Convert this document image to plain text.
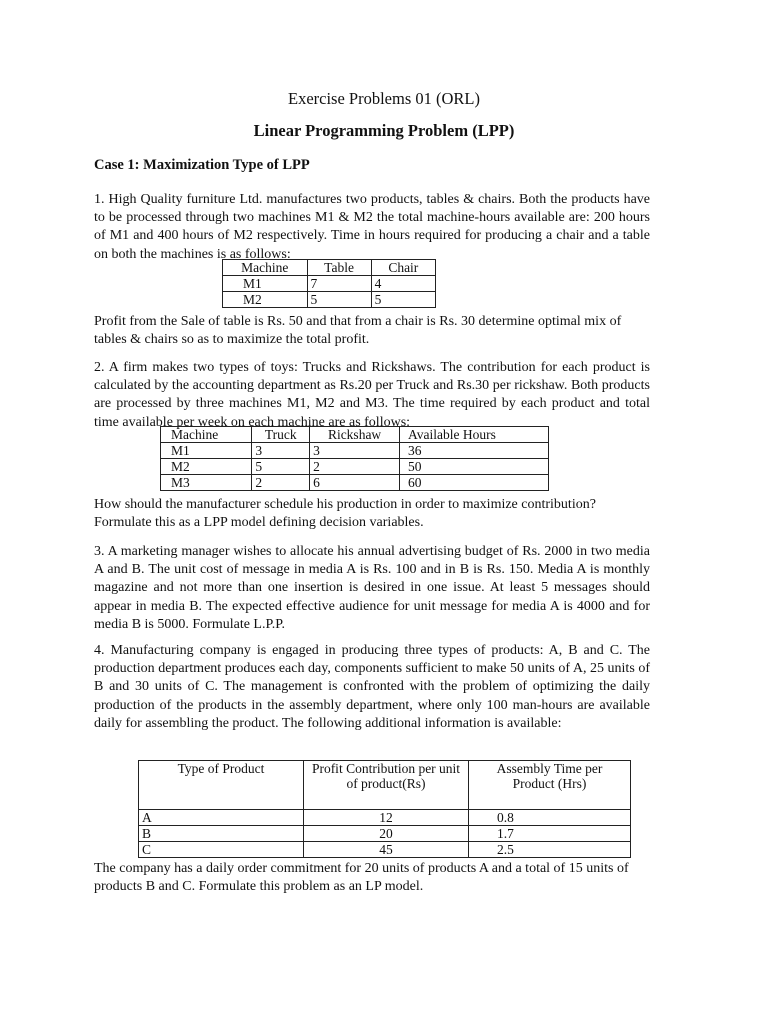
Exercise Problems 01 (ORL)
Linear Programming Problem (LPP)
Case 1: Maximization Type of LPP

1. High Quality furniture Ltd. manufactures two products, tables & chairs. Both the products have to be processed through two machines M1 & M2 the total machine-hours available are: 200 hours of M1 and 400 hours of M2 respectively. Time in hours required for producing a chair and a table on both the machines is as follows:

Machine	Table	Chair
M1	7	4
M2	5	5

Profit from the Sale of table is Rs. 50 and that from a chair is Rs. 30 determine optimal mix of tables & chairs so as to maximize the total profit.

2. A firm makes two types of toys: Trucks and Rickshaws. The contribution for each product is calculated by the accounting department as Rs.20 per Truck and Rs.30 per rickshaw. Both products are processed by three machines M1, M2 and M3. The time required by each product and total time available per week on each machine are as follows:

Machine	Truck	Rickshaw	Available Hours
M1	3	3	36
M2	5	2	50
M3	2	6	60

How should the manufacturer schedule his production in order to maximize contribution? Formulate this as a LPP model defining decision variables.

3. A marketing manager wishes to allocate his annual advertising budget of Rs. 2000 in two media A and B. The unit cost of message in media A is Rs. 100 and in B is Rs. 150. Media A is monthly magazine and not more than one insertion is desired in one issue. At least 5 messages should appear in media B. The expected effective audience for unit message for media A is 4000 and for media B is 5000. Formulate L.P.P.

4. Manufacturing company is engaged in producing three types of products: A, B and C. The production department produces each day, components sufficient to make 50 units of A, 25 units of B and 30 units of C. The management is confronted with the problem of optimizing the daily production of the products in the assembly department, where only 100 man-hours are available daily for assembling the product. The following additional information is available:

Type of Product	Profit Contribution per unit of product(Rs)	Assembly Time per Product (Hrs)
A	12	0.8
B	20	1.7
C	45	2.5

The company has a daily order commitment for 20 units of products A and a total of 15 units of products B and C. Formulate this problem as an LP model.
